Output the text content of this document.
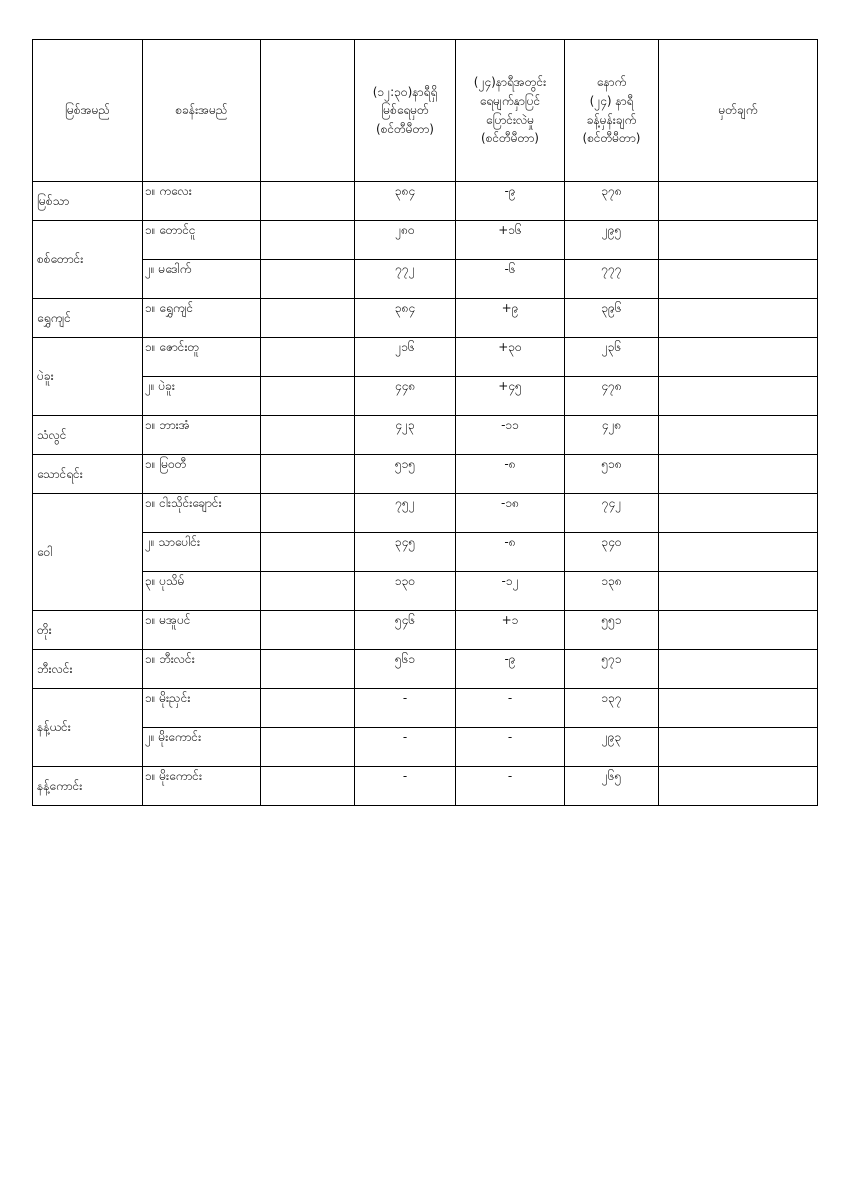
မြစ်အမည်	စခန်းအမည်		(၁၂:၃၀)နာရီရှိ
မြစ်ရေမှတ်
(စင်တီမီတာ)	(၂၄)နာရီအတွင်း
ရေမျက်နှာပြင်
ပြောင်းလဲမှု
(စင်တီမီတာ)	နောက်
(၂၄) နာရီ
ခန့်မှန်းချက်
(စင်တီမီတာ)	မှတ်ချက်
မြစ်သာ	၁။ ကလေး		၃၈၄	-၉	၃၇၈	
စစ်တောင်း	၁။ တောင်ငူ		၂၈၀	+၁၆	၂၉၅	
	၂။ မဒေါက်		၇၇၂	-၆	၇၇၇	
ရွှေကျင်	၁။ ရွှေကျင်		၃၈၄	+၉	၃၉၆	
ပဲခူး	၁။ ဇောင်းတူ		၂၁၆	+၃၀	၂၃၆	
	၂။ ပဲခူး		၄၄၈	+၄၅	၄၇၈	
သံလွင်	၁။ ဘားအံ		၄၂၃	-၁၁	၄၂၈	
သောင်ရင်း	၁။ မြဝတီ		၅၁၅	-၈	၅၁၈	
ဝေါ	၁။ ငါးသိုင်းချောင်း		၇၅၂	-၁၈	၇၄၂	
	၂။ သာပေါင်း		၃၄၅	-၈	၃၄၀	
	၃။ ပုသိမ်		၁၃၀	-၁၂	၁၃၈	
တိုး	၁။ မအူပင်		၅၄၆	+၁	၅၅၁	
ဘီးလင်း	၁။ ဘီးလင်း		၅၆၁	-၉	၅၇၁	
နန့်ယင်း	၁။ မိုးညှင်း		-	-	၁၃၇	
	၂။ မိုးကောင်း		-	-	၂၉၃	
နန့်ကောင်း	၁။ မိုးကောင်း		-	-	၂၆၅	
